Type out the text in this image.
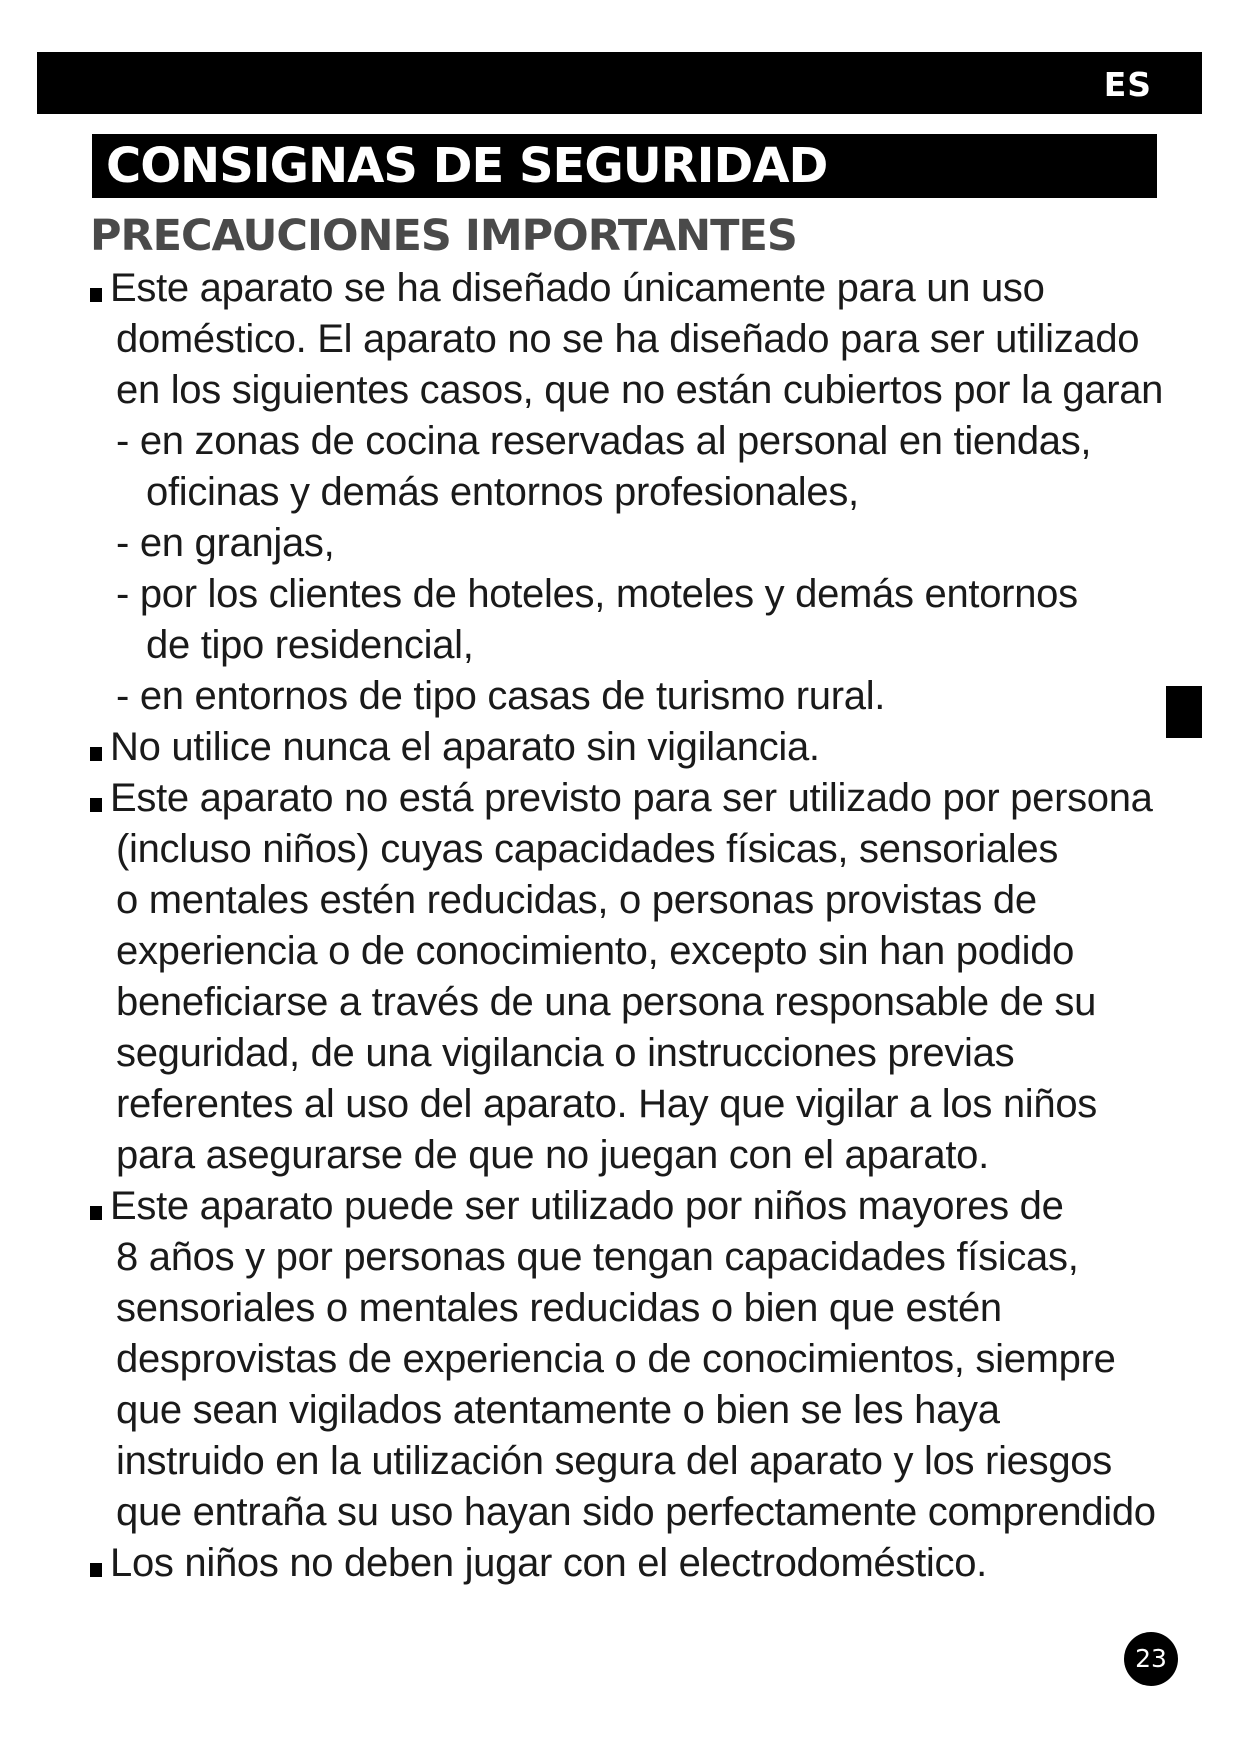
ES
CONSIGNAS DE SEGURIDAD
PRECAUCIONES IMPORTANTES
Este aparato se ha diseñado únicamente para un uso
doméstico. El aparato no se ha diseñado para ser utilizado
en los siguientes casos, que no están cubiertos por la garan
- en zonas de cocina reservadas al personal en tiendas,
oficinas y demás entornos profesionales,
- en granjas,
- por los clientes de hoteles, moteles y demás entornos
de tipo residencial,
- en entornos de tipo casas de turismo rural.
No utilice nunca el aparato sin vigilancia.
Este aparato no está previsto para ser utilizado por persona
(incluso niños) cuyas capacidades físicas, sensoriales
o mentales estén reducidas, o personas provistas de
experiencia o de conocimiento, excepto sin han podido
beneficiarse a través de una persona responsable de su
seguridad, de una vigilancia o instrucciones previas
referentes al uso del aparato. Hay que vigilar a los niños
para asegurarse de que no juegan con el aparato.
Este aparato puede ser utilizado por niños mayores de
8 años y por personas que tengan capacidades físicas,
sensoriales o mentales reducidas o bien que estén
desprovistas de experiencia o de conocimientos, siempre
que sean vigilados atentamente o bien se les haya
instruido en la utilización segura del aparato y los riesgos
que entraña su uso hayan sido perfectamente comprendido
Los niños no deben jugar con el electrodoméstico.
23
